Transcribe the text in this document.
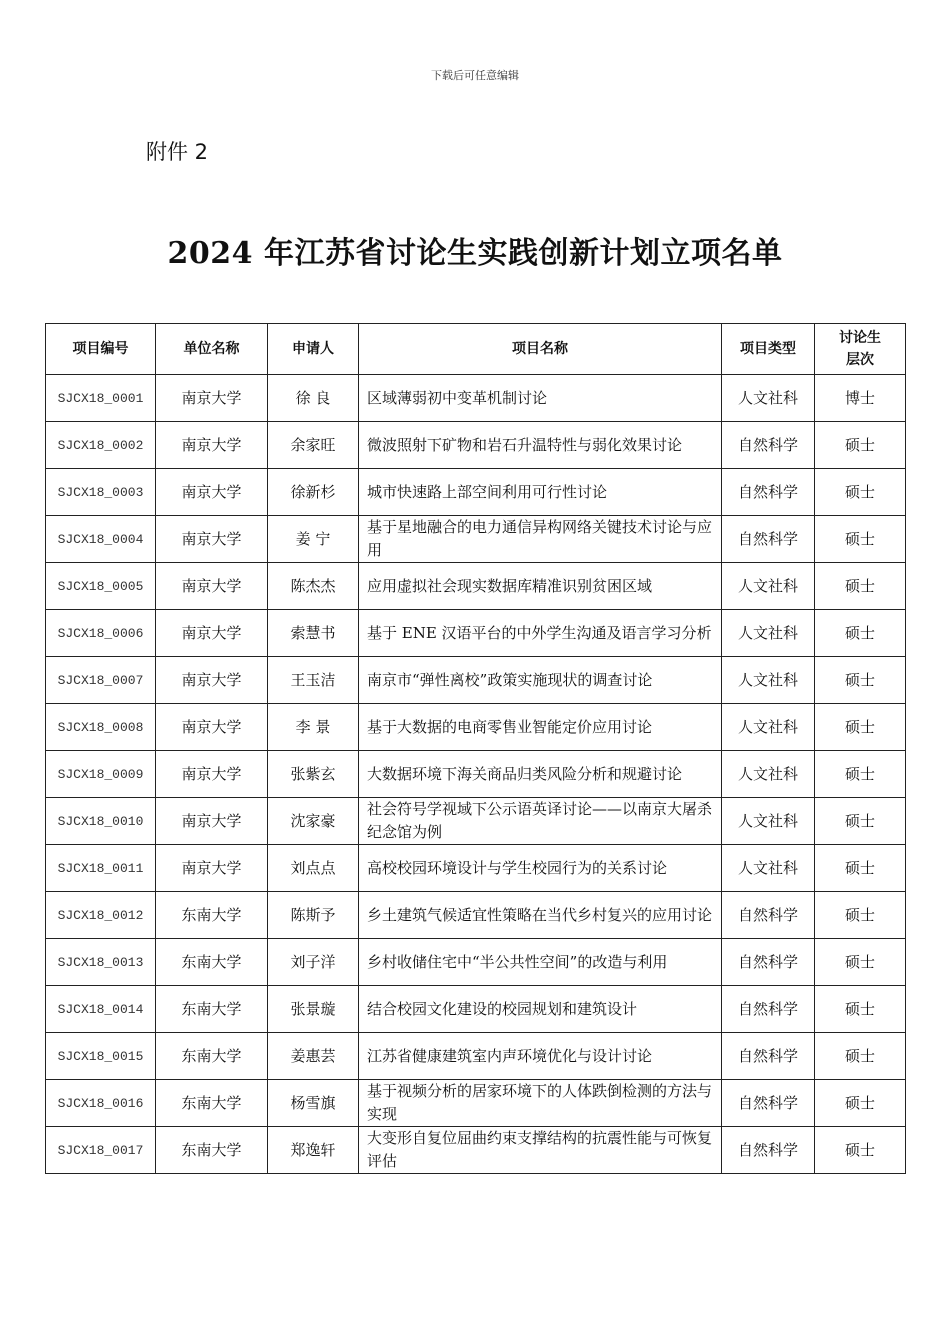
下载后可任意编辑
附件 2
2024 年江苏省讨论生实践创新计划立项名单
项目编号	单位名称	申请人	项目名称	项目类型	讨论生
层次
SJCX18_0001	南京大学	徐 良	区域薄弱初中变革机制讨论	人文社科	博士
SJCX18_0002	南京大学	余家旺	微波照射下矿物和岩石升温特性与弱化效果讨论	自然科学	硕士
SJCX18_0003	南京大学	徐新杉	城市快速路上部空间利用可行性讨论	自然科学	硕士
SJCX18_0004	南京大学	姜 宁	基于星地融合的电力通信异构网络关键技术讨论与应用	自然科学	硕士
SJCX18_0005	南京大学	陈杰杰	应用虚拟社会现实数据库精准识别贫困区域	人文社科	硕士
SJCX18_0006	南京大学	索慧书	基于 ENE 汉语平台的中外学生沟通及语言学习分析	人文社科	硕士
SJCX18_0007	南京大学	王玉洁	南京市“弹性离校”政策实施现状的调查讨论	人文社科	硕士
SJCX18_0008	南京大学	李 景	基于大数据的电商零售业智能定价应用讨论	人文社科	硕士
SJCX18_0009	南京大学	张紫玄	大数据环境下海关商品归类风险分析和规避讨论	人文社科	硕士
SJCX18_0010	南京大学	沈家豪	社会符号学视域下公示语英译讨论——以南京大屠杀纪念馆为例	人文社科	硕士
SJCX18_0011	南京大学	刘点点	高校校园环境设计与学生校园行为的关系讨论	人文社科	硕士
SJCX18_0012	东南大学	陈斯予	乡土建筑气候适宜性策略在当代乡村复兴的应用讨论	自然科学	硕士
SJCX18_0013	东南大学	刘子洋	乡村收储住宅中“半公共性空间”的改造与利用	自然科学	硕士
SJCX18_0014	东南大学	张景璇	结合校园文化建设的校园规划和建筑设计	自然科学	硕士
SJCX18_0015	东南大学	姜惠芸	江苏省健康建筑室内声环境优化与设计讨论	自然科学	硕士
SJCX18_0016	东南大学	杨雪旗	基于视频分析的居家环境下的人体跌倒检测的方法与实现	自然科学	硕士
SJCX18_0017	东南大学	郑逸轩	大变形自复位屈曲约束支撑结构的抗震性能与可恢复评估	自然科学	硕士
